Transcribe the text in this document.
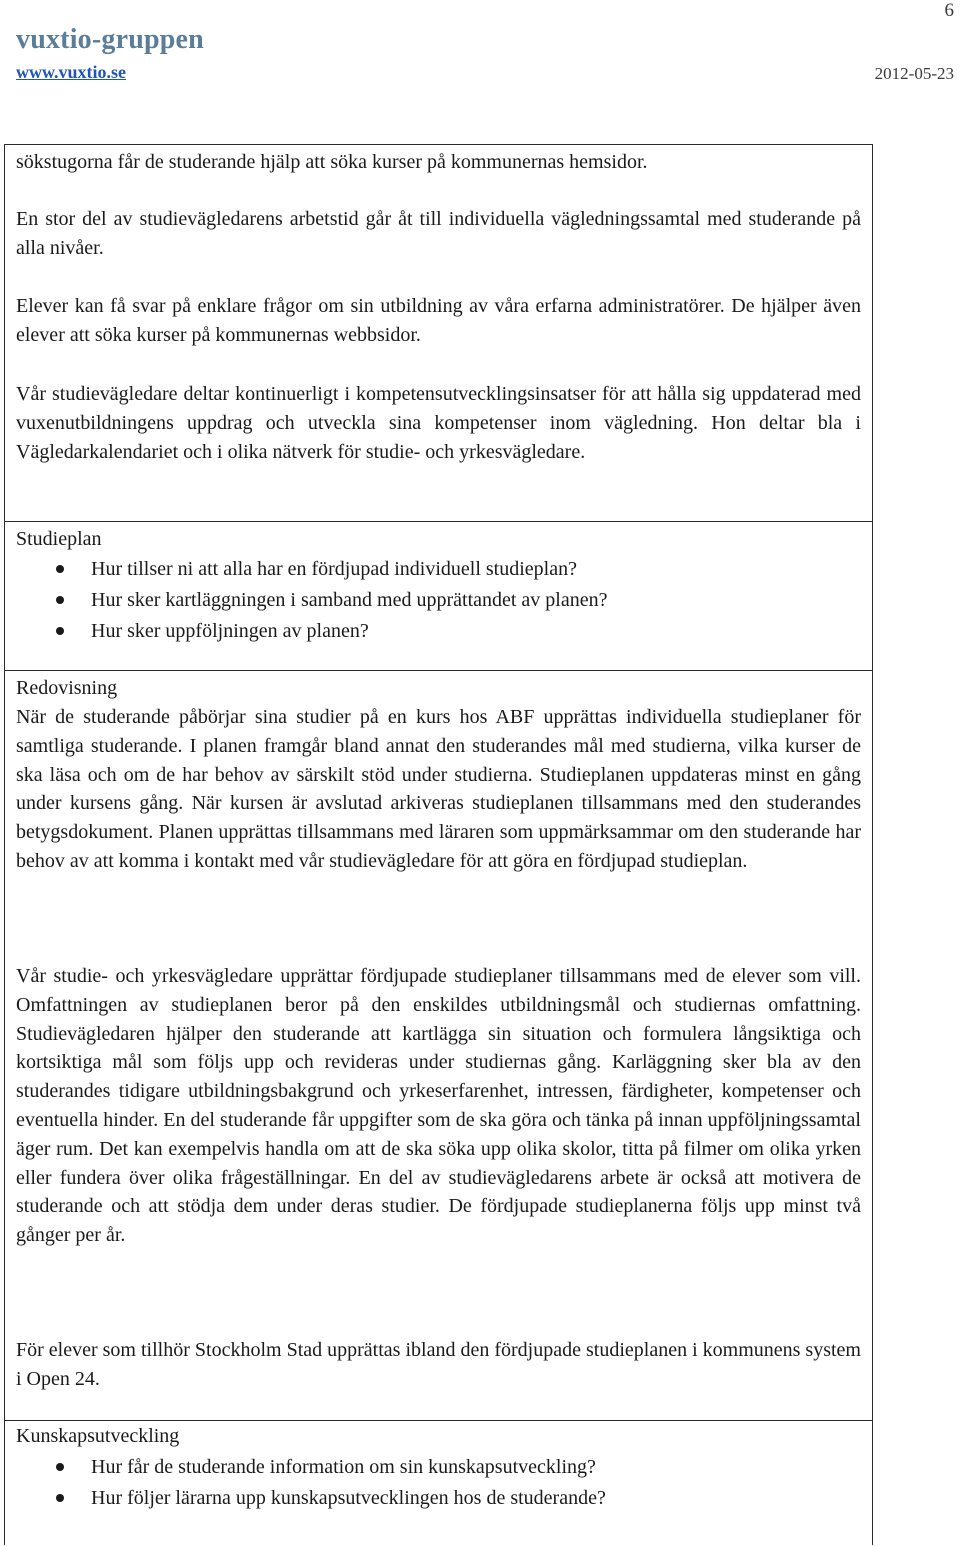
6
vuxtio-gruppen
www.vuxtio.se	2012-05-23
sökstugorna får de studerande hjälp att söka kurser på kommunernas hemsidor.
En stor del av studievägledarens arbetstid går åt till individuella vägledningssamtal med studerande på alla nivåer.
Elever kan få svar på enklare frågor om sin utbildning av våra erfarna administratörer. De hjälper även elever att söka kurser på kommunernas webbsidor.
Vår studievägledare deltar kontinuerligt i kompetensutvecklingsinsatser för att hålla sig uppdaterad med vuxenutbildningens uppdrag och utveckla sina kompetenser inom vägledning. Hon deltar bla i Vägledarkalendariet och i olika nätverk för studie- och yrkesvägledare.
Studieplan
Hur tillser ni att alla har en fördjupad individuell studieplan?
Hur sker kartläggningen i samband med upprättandet av planen?
Hur sker uppföljningen av planen?
Redovisning
När de studerande påbörjar sina studier på en kurs hos ABF upprättas individuella studieplaner för samtliga studerande. I planen framgår bland annat den studerandes mål med studierna, vilka kurser de ska läsa och om de har behov av särskilt stöd under studierna. Studieplanen uppdateras minst en gång under kursens gång. När kursen är avslutad arkiveras studieplanen tillsammans med den studerandes betygsdokument. Planen upprättas tillsammans med läraren som uppmärksammar om den studerande har behov av att komma i kontakt med vår studievägledare för att göra en fördjupad studieplan.
Vår studie- och yrkesvägledare upprättar fördjupade studieplaner tillsammans med de elever som vill. Omfattningen av studieplanen beror på den enskildes utbildningsmål och studiernas omfattning. Studievägledaren hjälper den studerande att kartlägga sin situation och formulera långsiktiga och kortsiktiga mål som följs upp och revideras under studiernas gång. Karläggning sker bla av den studerandes tidigare utbildningsbakgrund och yrkeserfarenhet, intressen, färdigheter, kompetenser och eventuella hinder. En del studerande får uppgifter som de ska göra och tänka på innan uppföljningssamtal äger rum. Det kan exempelvis handla om att de ska söka upp olika skolor, titta på filmer om olika yrken eller fundera över olika frågeställningar. En del av studievägledarens arbete är också att motivera de studerande och att stödja dem under deras studier. De fördjupade studieplanerna följs upp minst två gånger per år.
För elever som tillhör Stockholm Stad upprättas ibland den fördjupade studieplanen i kommunens system i Open 24.
Kunskapsutveckling
Hur får de studerande information om sin kunskapsutveckling?
Hur följer lärarna upp kunskapsutvecklingen hos de studerande?
